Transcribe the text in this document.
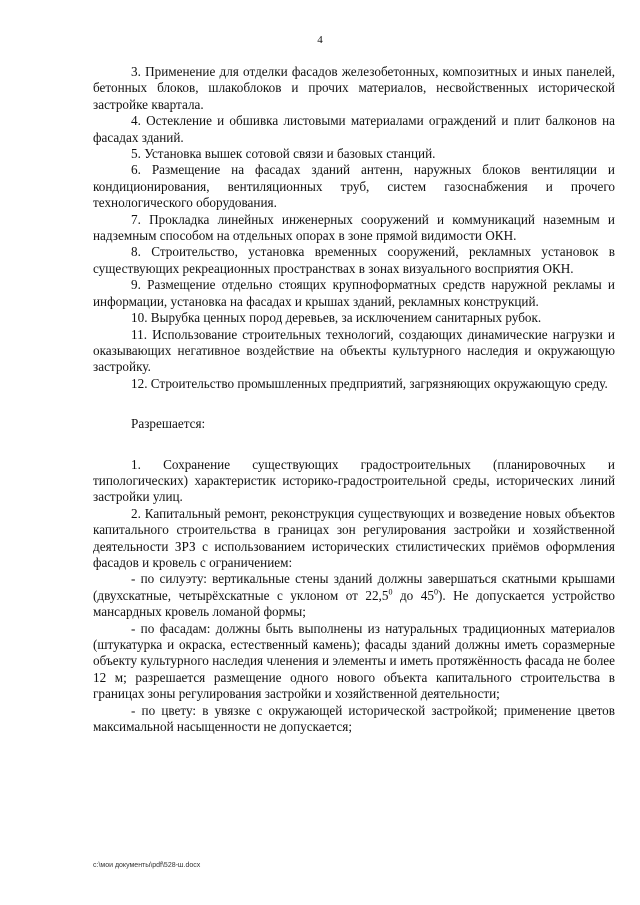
4

3. Применение для отделки фасадов железобетонных, композитных и иных панелей, бетонных блоков, шлакоблоков и прочих материалов, несвойственных исторической застройке квартала.

4. Остекление и обшивка листовыми материалами ограждений и плит балконов на фасадах зданий.

5. Установка вышек сотовой связи и базовых станций.

6. Размещение на фасадах зданий антенн, наружных блоков вентиляции и кондиционирования, вентиляционных труб, систем газоснабжения и прочего технологического оборудования.

7. Прокладка линейных инженерных сооружений и коммуникаций наземным и надземным способом на отдельных опорах в зоне прямой видимости ОКН.

8. Строительство, установка временных сооружений, рекламных установок в существующих рекреационных пространствах в зонах визуального восприятия ОКН.

9. Размещение отдельно стоящих крупноформатных средств наружной рекламы и информации, установка на фасадах и крышах зданий, рекламных конструкций.

10. Вырубка ценных пород деревьев, за исключением санитарных рубок.

11. Использование строительных технологий, создающих динамические нагрузки и оказывающих негативное воздействие на объекты культурного наследия и окружающую застройку.

12. Строительство промышленных предприятий, загрязняющих окружающую среду.

Разрешается:

1. Сохранение существующих градостроительных (планировочных и типологических) характеристик историко-градостроительной среды, исторических линий застройки улиц.

2. Капитальный ремонт, реконструкция существующих и возведение новых объектов капитального строительства в границах зон регулирования застройки и хозяйственной деятельности ЗРЗ с использованием исторических стилистических приёмов оформления фасадов и кровель с ограничением:

- по силуэту: вертикальные стены зданий должны завершаться скатными крышами (двухскатные, четырёхскатные с уклоном от 22,5$^0$ до $45^0$). Не допускается устройство мансардных кровель ломаной формы;

- по фасадам: должны быть выполнены из натуральных традиционных материалов (штукатурка и окраска, естественный камень); фасады зданий должны иметь соразмерные объекту культурного наследия членения и элементы и иметь протяжённость фасада не более 12 м; разрешается размещение одного нового объекта капитального строительства в границах зоны регулирования застройки и хозяйственной деятельности;

- по цвету: в увязке с окружающей исторической застройкой; применение цветов максимальной насыщенности не допускается;

c:\мои документы\pdf\528-ш.docx
